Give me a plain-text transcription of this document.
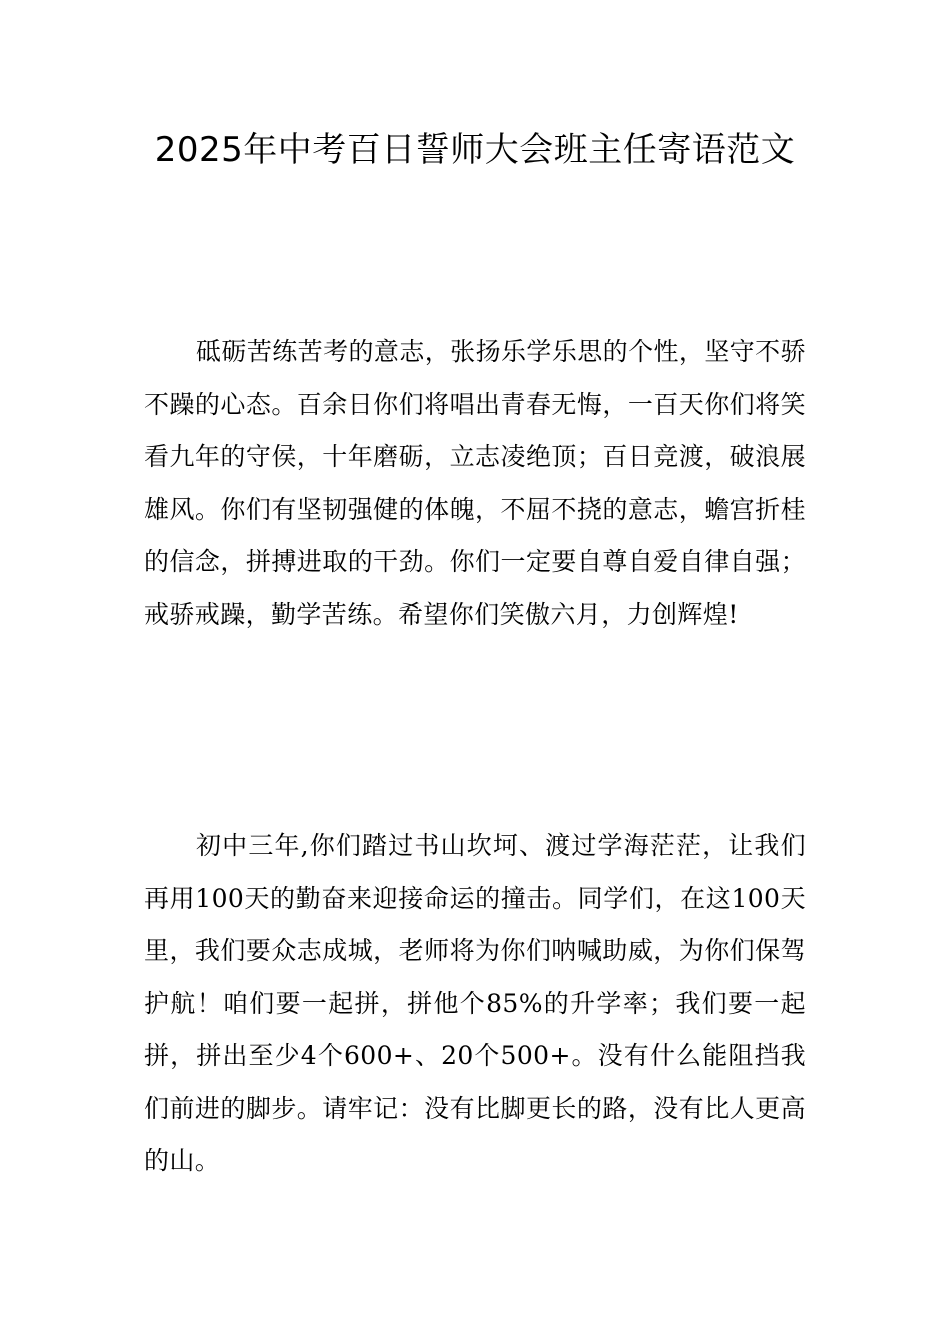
2025年中考百日誓师大会班主任寄语范文

砥砺苦练苦考的意志，张扬乐学乐思的个性，坚守不骄不躁的心态。百余日你们将唱出青春无悔，一百天你们将笑看九年的守侯，十年磨砺，立志凌绝顶；百日竞渡，破浪展雄风。你们有坚韧强健的体魄，不屈不挠的意志，蟾宫折桂的信念，拼搏进取的干劲。你们一定要自尊自爱自律自强；戒骄戒躁，勤学苦练。希望你们笑傲六月，力创辉煌!

初中三年,你们踏过书山坎坷、渡过学海茫茫，让我们再用100天的勤奋来迎接命运的撞击。同学们，在这100天里，我们要众志成城，老师将为你们呐喊助威，为你们保驾护航！咱们要一起拼，拼他个85%的升学率；我们要一起拼，拼出至少4个600+、20个500+。没有什么能阻挡我们前进的脚步。请牢记：没有比脚更长的路，没有比人更高的山。
